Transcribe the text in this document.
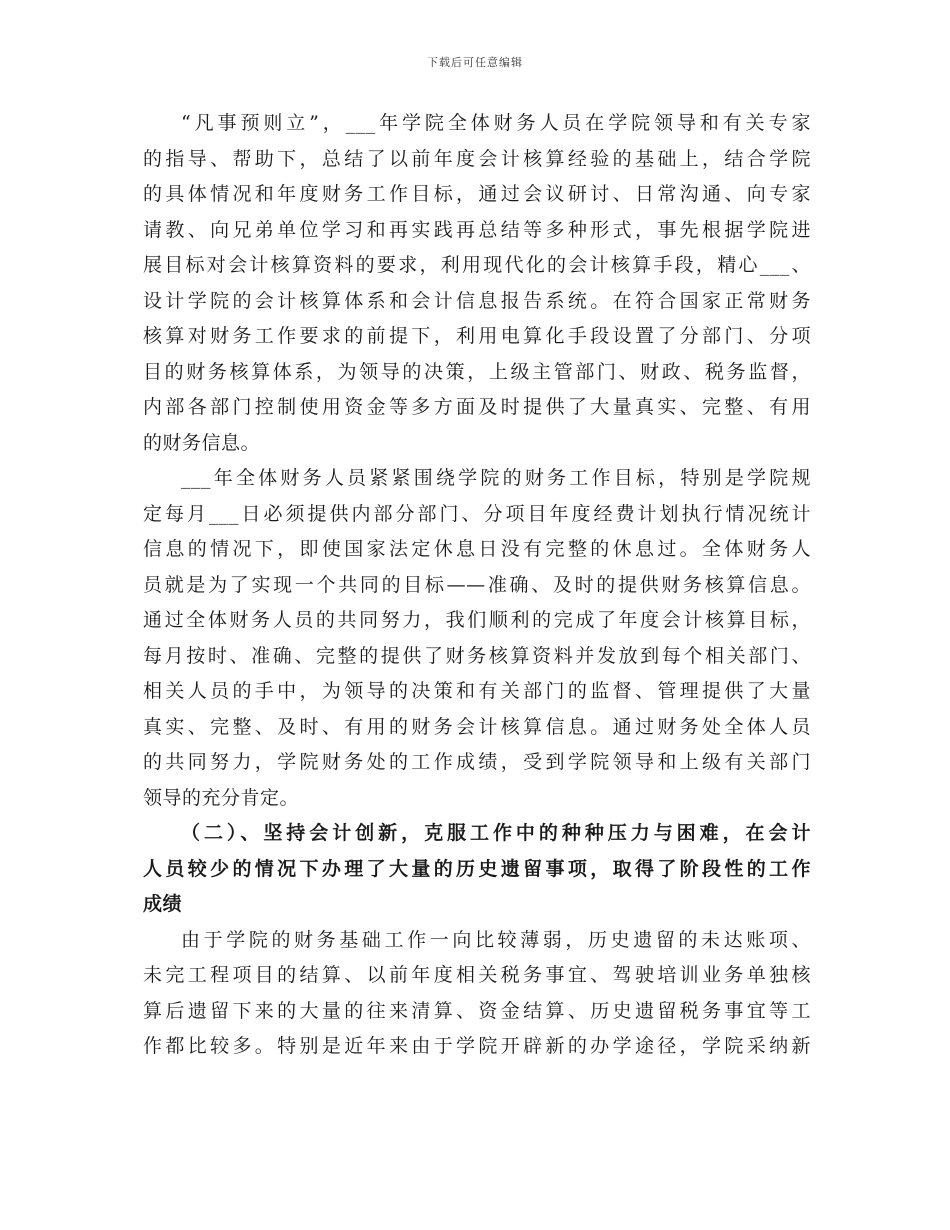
下载后可任意编辑
“凡事预则立”，___年学院全体财务人员在学院领导和有关专家
的指导、帮助下，总结了以前年度会计核算经验的基础上，结合学院
的具体情况和年度财务工作目标，通过会议研讨、日常沟通、向专家
请教、向兄弟单位学习和再实践再总结等多种形式，事先根据学院进
展目标对会计核算资料的要求，利用现代化的会计核算手段，精心___、
设计学院的会计核算体系和会计信息报告系统。在符合国家正常财务
核算对财务工作要求的前提下，利用电算化手段设置了分部门、分项
目的财务核算体系，为领导的决策，上级主管部门、财政、税务监督，
内部各部门控制使用资金等多方面及时提供了大量真实、完整、有用
的财务信息。
___年全体财务人员紧紧围绕学院的财务工作目标，特别是学院规
定每月___日必须提供内部分部门、分项目年度经费计划执行情况统计
信息的情况下，即使国家法定休息日没有完整的休息过。全体财务人
员就是为了实现一个共同的目标——准确、及时的提供财务核算信息。
通过全体财务人员的共同努力，我们顺利的完成了年度会计核算目标，
每月按时、准确、完整的提供了财务核算资料并发放到每个相关部门、
相关人员的手中，为领导的决策和有关部门的监督、管理提供了大量
真实、完整、及时、有用的财务会计核算信息。通过财务处全体人员
的共同努力，学院财务处的工作成绩，受到学院领导和上级有关部门
领导的充分肯定。
（二）、坚持会计创新，克服工作中的种种压力与困难，在会计
人员较少的情况下办理了大量的历史遗留事项，取得了阶段性的工作
成绩
由于学院的财务基础工作一向比较薄弱，历史遗留的未达账项、
未完工程项目的结算、以前年度相关税务事宜、驾驶培训业务单独核
算后遗留下来的大量的往来清算、资金结算、历史遗留税务事宜等工
作都比较多。特别是近年来由于学院开辟新的办学途径，学院采纳新
